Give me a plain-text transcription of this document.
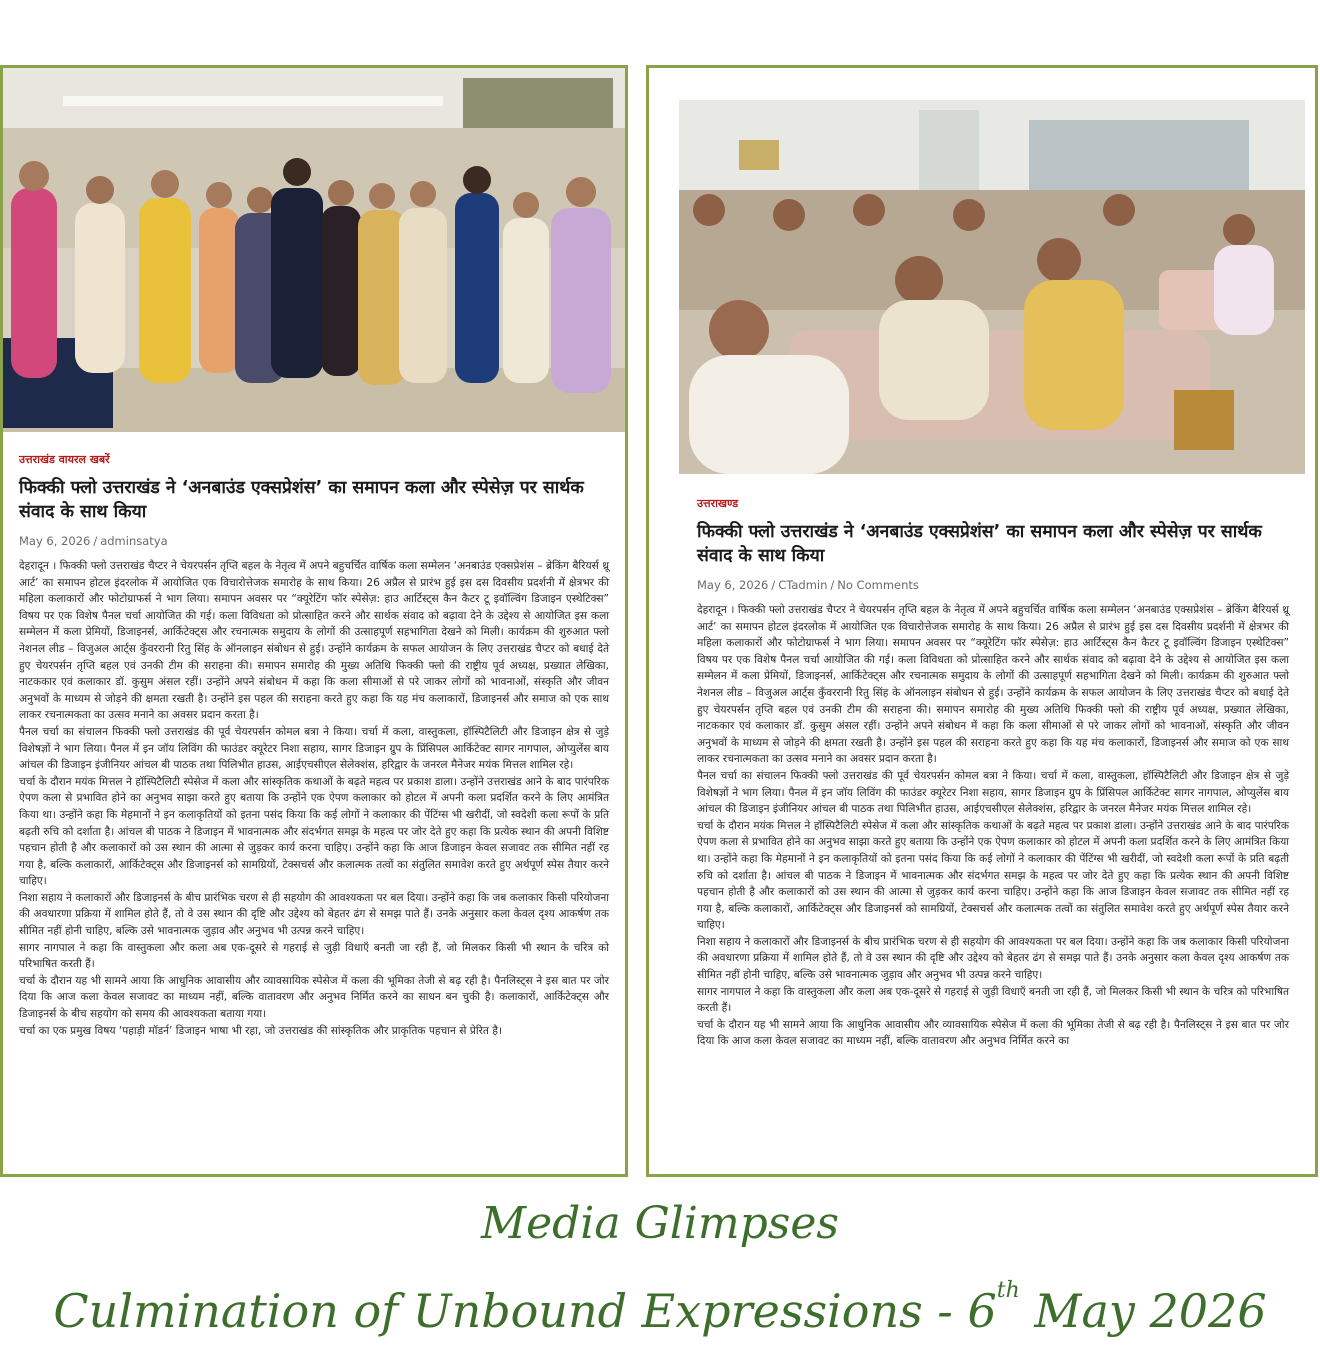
उत्तराखंड वायरल खबरें
फिक्की फ्लो उत्तराखंड ने ‘अनबाउंड एक्सप्रेशंस’ का समापन कला और स्पेसेज़ पर सार्थक संवाद के साथ किया
May 6, 2026 / adminsatya

देहरादून । फिक्की फ्लो उत्तराखंड चैप्टर ने चेयरपर्सन तृप्ति बहल के नेतृत्व में अपने बहुचर्चित वार्षिक कला सम्मेलन ‘अनबाउंड एक्सप्रेशंस – ब्रेकिंग बैरियर्स थ्रू आर्ट’ का समापन होटल इंदरलोक में आयोजित एक विचारोत्तेजक समारोह के साथ किया। 26 अप्रैल से प्रारंभ हुई इस दस दिवसीय प्रदर्शनी में क्षेत्रभर की महिला कलाकारों और फोटोग्राफर्स ने भाग लिया। समापन अवसर पर “क्यूरेटिंग फॉर स्पेसेज़: हाउ आर्टिस्ट्स कैन कैटर टू इवॉल्विंग डिजाइन एस्थेटिक्स” विषय पर एक विशेष पैनल चर्चा आयोजित की गई। कला विविधता को प्रोत्साहित करने और सार्थक संवाद को बढ़ावा देने के उद्देश्य से आयोजित इस कला सम्मेलन में कला प्रेमियों, डिजाइनर्स, आर्किटेक्ट्स और रचनात्मक समुदाय के लोगों की उत्साहपूर्ण सहभागिता देखने को मिली। कार्यक्रम की शुरुआत फ्लो नेशनल लीड – विजुअल आर्ट्स कुँवररानी रितु सिंह के ऑनलाइन संबोधन से हुई। उन्होंने कार्यक्रम के सफल आयोजन के लिए उत्तराखंड चैप्टर को बधाई देते हुए चेयरपर्सन तृप्ति बहल एवं उनकी टीम की सराहना की। समापन समारोह की मुख्य अतिथि फिक्की फ्लो की राष्ट्रीय पूर्व अध्यक्ष, प्रख्यात लेखिका, नाटककार एवं कलाकार डॉ. कुसुम अंसल रहीं। उन्होंने अपने संबोधन में कहा कि कला सीमाओं से परे जाकर लोगों को भावनाओं, संस्कृति और जीवन अनुभवों के माध्यम से जोड़ने की क्षमता रखती है। उन्होंने इस पहल की सराहना करते हुए कहा कि यह मंच कलाकारों, डिजाइनर्स और समाज को एक साथ लाकर रचनात्मकता का उत्सव मनाने का अवसर प्रदान करता है।

पैनल चर्चा का संचालन फिक्की फ्लो उत्तराखंड की पूर्व चेयरपर्सन कोमल बत्रा ने किया। चर्चा में कला, वास्तुकला, हॉस्पिटैलिटी और डिजाइन क्षेत्र से जुड़े विशेषज्ञों ने भाग लिया। पैनल में इन जॉय लिविंग की फाउंडर क्यूरेटर निशा सहाय, सागर डिजाइन ग्रुप के प्रिंसिपल आर्किटेक्ट सागर नागपाल, ओप्युलेंस बाय आंचल की डिजाइन इंजीनियर आंचल बी पाठक तथा पिलिभीत हाउस, आईएचसीएल सेलेक्शंस, हरिद्वार के जनरल मैनेजर मयंक मित्तल शामिल रहे।

चर्चा के दौरान मयंक मित्तल ने हॉस्पिटैलिटी स्पेसेज में कला और सांस्कृतिक कथाओं के बढ़ते महत्व पर प्रकाश डाला। उन्होंने उत्तराखंड आने के बाद पारंपरिक ऐपण कला से प्रभावित होने का अनुभव साझा करते हुए बताया कि उन्होंने एक ऐपण कलाकार को होटल में अपनी कला प्रदर्शित करने के लिए आमंत्रित किया था। उन्होंने कहा कि मेहमानों ने इन कलाकृतियों को इतना पसंद किया कि कई लोगों ने कलाकार की पेंटिंग्स भी खरीदीं, जो स्वदेशी कला रूपों के प्रति बढ़ती रुचि को दर्शाता है। आंचल बी पाठक ने डिजाइन में भावनात्मक और संदर्भगत समझ के महत्व पर जोर देते हुए कहा कि प्रत्येक स्थान की अपनी विशिष्ट पहचान होती है और कलाकारों को उस स्थान की आत्मा से जुड़कर कार्य करना चाहिए। उन्होंने कहा कि आज डिजाइन केवल सजावट तक सीमित नहीं रह गया है, बल्कि कलाकारों, आर्किटेक्ट्स और डिजाइनर्स को सामग्रियों, टेक्सचर्स और कलात्मक तत्वों का संतुलित समावेश करते हुए अर्थपूर्ण स्पेस तैयार करने चाहिए।

निशा सहाय ने कलाकारों और डिजाइनर्स के बीच प्रारंभिक चरण से ही सहयोग की आवश्यकता पर बल दिया। उन्होंने कहा कि जब कलाकार किसी परियोजना की अवधारणा प्रक्रिया में शामिल होते हैं, तो वे उस स्थान की दृष्टि और उद्देश्य को बेहतर ढंग से समझ पाते हैं। उनके अनुसार कला केवल दृश्य आकर्षण तक सीमित नहीं होनी चाहिए, बल्कि उसे भावनात्मक जुड़ाव और अनुभव भी उत्पन्न करने चाहिए।

सागर नागपाल ने कहा कि वास्तुकला और कला अब एक-दूसरे से गहराई से जुड़ी विधाएँ बनती जा रही हैं, जो मिलकर किसी भी स्थान के चरित्र को परिभाषित करती हैं।

चर्चा के दौरान यह भी सामने आया कि आधुनिक आवासीय और व्यावसायिक स्पेसेज में कला की भूमिका तेजी से बढ़ रही है। पैनलिस्ट्स ने इस बात पर जोर दिया कि आज कला केवल सजावट का माध्यम नहीं, बल्कि वातावरण और अनुभव निर्मित करने का साधन बन चुकी है। कलाकारों, आर्किटेक्ट्स और डिजाइनर्स के बीच सहयोग को समय की आवश्यकता बताया गया।

चर्चा का एक प्रमुख विषय ‘पहाड़ी मॉडर्न’ डिजाइन भाषा भी रहा, जो उत्तराखंड की सांस्कृतिक और प्राकृतिक पहचान से प्रेरित है।

उत्तराखण्ड
फिक्की फ्लो उत्तराखंड ने ‘अनबाउंड एक्सप्रेशंस’ का समापन कला और स्पेसेज़ पर सार्थक संवाद के साथ किया
May 6, 2026 / CTadmin / No Comments

देहरादून । फिक्की फ्लो उत्तराखंड चैप्टर ने चेयरपर्सन तृप्ति बहल के नेतृत्व में अपने बहुचर्चित वार्षिक कला सम्मेलन ‘अनबाउंड एक्सप्रेशंस – ब्रेकिंग बैरियर्स थ्रू आर्ट’ का समापन होटल इंदरलोक में आयोजित एक विचारोत्तेजक समारोह के साथ किया। 26 अप्रैल से प्रारंभ हुई इस दस दिवसीय प्रदर्शनी में क्षेत्रभर की महिला कलाकारों और फोटोग्राफर्स ने भाग लिया। समापन अवसर पर “क्यूरेटिंग फॉर स्पेसेज़: हाउ आर्टिस्ट्स कैन कैटर टू इवॉल्विंग डिजाइन एस्थेटिक्स” विषय पर एक विशेष पैनल चर्चा आयोजित की गई। कला विविधता को प्रोत्साहित करने और सार्थक संवाद को बढ़ावा देने के उद्देश्य से आयोजित इस कला सम्मेलन में कला प्रेमियों, डिजाइनर्स, आर्किटेक्ट्स और रचनात्मक समुदाय के लोगों की उत्साहपूर्ण सहभागिता देखने को मिली। कार्यक्रम की शुरुआत फ्लो नेशनल लीड – विजुअल आर्ट्स कुँवररानी रितु सिंह के ऑनलाइन संबोधन से हुई। उन्होंने कार्यक्रम के सफल आयोजन के लिए उत्तराखंड चैप्टर को बधाई देते हुए चेयरपर्सन तृप्ति बहल एवं उनकी टीम की सराहना की। समापन समारोह की मुख्य अतिथि फिक्की फ्लो की राष्ट्रीय पूर्व अध्यक्ष, प्रख्यात लेखिका, नाटककार एवं कलाकार डॉ. कुसुम अंसल रहीं। उन्होंने अपने संबोधन में कहा कि कला सीमाओं से परे जाकर लोगों को भावनाओं, संस्कृति और जीवन अनुभवों के माध्यम से जोड़ने की क्षमता रखती है। उन्होंने इस पहल की सराहना करते हुए कहा कि यह मंच कलाकारों, डिजाइनर्स और समाज को एक साथ लाकर रचनात्मकता का उत्सव मनाने का अवसर प्रदान करता है।

पैनल चर्चा का संचालन फिक्की फ्लो उत्तराखंड की पूर्व चेयरपर्सन कोमल बत्रा ने किया। चर्चा में कला, वास्तुकला, हॉस्पिटैलिटी और डिजाइन क्षेत्र से जुड़े विशेषज्ञों ने भाग लिया। पैनल में इन जॉय लिविंग की फाउंडर क्यूरेटर निशा सहाय, सागर डिजाइन ग्रुप के प्रिंसिपल आर्किटेक्ट सागर नागपाल, ओप्युलेंस बाय आंचल की डिजाइन इंजीनियर आंचल बी पाठक तथा पिलिभीत हाउस, आईएचसीएल सेलेक्शंस, हरिद्वार के जनरल मैनेजर मयंक मित्तल शामिल रहे।

चर्चा के दौरान मयंक मित्तल ने हॉस्पिटैलिटी स्पेसेज में कला और सांस्कृतिक कथाओं के बढ़ते महत्व पर प्रकाश डाला। उन्होंने उत्तराखंड आने के बाद पारंपरिक ऐपण कला से प्रभावित होने का अनुभव साझा करते हुए बताया कि उन्होंने एक ऐपण कलाकार को होटल में अपनी कला प्रदर्शित करने के लिए आमंत्रित किया था। उन्होंने कहा कि मेहमानों ने इन कलाकृतियों को इतना पसंद किया कि कई लोगों ने कलाकार की पेंटिंग्स भी खरीदीं, जो स्वदेशी कला रूपों के प्रति बढ़ती रुचि को दर्शाता है। आंचल बी पाठक ने डिजाइन में भावनात्मक और संदर्भगत समझ के महत्व पर जोर देते हुए कहा कि प्रत्येक स्थान की अपनी विशिष्ट पहचान होती है और कलाकारों को उस स्थान की आत्मा से जुड़कर कार्य करना चाहिए। उन्होंने कहा कि आज डिजाइन केवल सजावट तक सीमित नहीं रह गया है, बल्कि कलाकारों, आर्किटेक्ट्स और डिजाइनर्स को सामग्रियों, टेक्सचर्स और कलात्मक तत्वों का संतुलित समावेश करते हुए अर्थपूर्ण स्पेस तैयार करने चाहिए।

निशा सहाय ने कलाकारों और डिजाइनर्स के बीच प्रारंभिक चरण से ही सहयोग की आवश्यकता पर बल दिया। उन्होंने कहा कि जब कलाकार किसी परियोजना की अवधारणा प्रक्रिया में शामिल होते हैं, तो वे उस स्थान की दृष्टि और उद्देश्य को बेहतर ढंग से समझ पाते हैं। उनके अनुसार कला केवल दृश्य आकर्षण तक सीमित नहीं होनी चाहिए, बल्कि उसे भावनात्मक जुड़ाव और अनुभव भी उत्पन्न करने चाहिए।

सागर नागपाल ने कहा कि वास्तुकला और कला अब एक-दूसरे से गहराई से जुड़ी विधाएँ बनती जा रही हैं, जो मिलकर किसी भी स्थान के चरित्र को परिभाषित करती हैं।

चर्चा के दौरान यह भी सामने आया कि आधुनिक आवासीय और व्यावसायिक स्पेसेज में कला की भूमिका तेजी से बढ़ रही है। पैनलिस्ट्स ने इस बात पर जोर दिया कि आज कला केवल सजावट का माध्यम नहीं, बल्कि वातावरण और अनुभव निर्मित करने का

Media Glimpses
Culmination of Unbound Expressions - 6th May 2026
